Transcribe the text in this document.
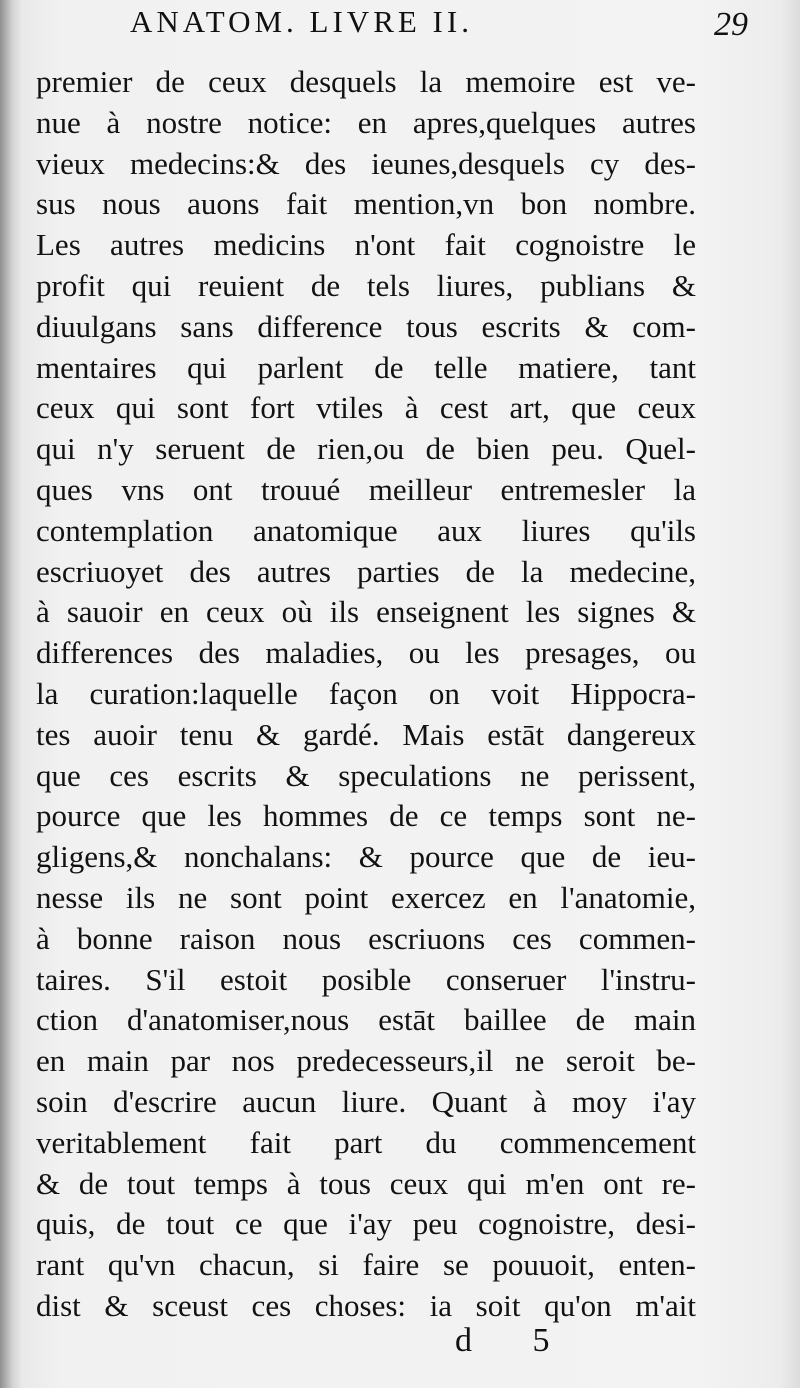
ANATOM. LIVRE II.	29
premier de ceux desquels la memoire est ve-
nue à nostre notice: en apres,quelques autres
vieux medecins:& des ieunes,desquels cy des-
sus nous auons fait mention,vn bon nombre.
Les autres medicins n'ont fait cognoistre le
profit qui reuient de tels liures, publians &
diuulgans sans difference tous escrits & com-
mentaires qui parlent de telle matiere, tant
ceux qui sont fort vtiles à cest art, que ceux
qui n'y seruent de rien,ou de bien peu. Quel-
ques vns ont trouué meilleur entremesler la
contemplation anatomique aux liures qu'ils
escriuoyet des autres parties de la medecine,
à sauoir en ceux où ils enseignent les signes &
differences des maladies, ou les presages, ou
la curation:laquelle façon on voit Hippocra-
tes auoir tenu & gardé. Mais estāt dangereux
que ces escrits & speculations ne perissent,
pource que les hommes de ce temps sont ne-
gligens,& nonchalans: & pource que de ieu-
nesse ils ne sont point exercez en l'anatomie,
à bonne raison nous escriuons ces commen-
taires. S'il estoit posible conseruer l'instru-
ction d'anatomiser,nous estāt baillee de main
en main par nos predecesseurs,il ne seroit be-
soin d'escrire aucun liure. Quant à moy i'ay
veritablement fait part du commencement
& de tout temps à tous ceux qui m'en ont re-
quis, de tout ce que i'ay peu cognoistre, desi-
rant qu'vn chacun, si faire se pouuoit, enten-
dist & sceust ces choses: ia soit qu'on m'ait
d 5
